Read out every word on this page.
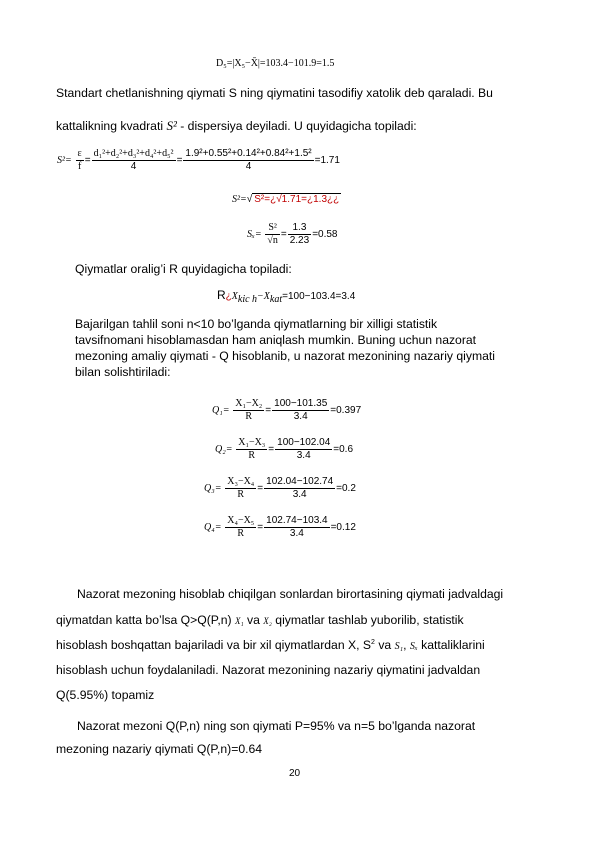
D₅=|X₅−X̄|=103.4−101.9=1.5
Standart chetlanishning qiymati S ning qiymatini tasodifiy xatolik deb qaraladi. Bu
kattalikning kvadrati S² - dispersiya deyiladi. U quyidagicha topiladi:
$S^2= \frac{\varepsilon}{f} = \frac{\text{d₁²+d₂²+d₃²+d₄²+d₅²}}{4} = \frac{\text{1.9²+0.55²+0.14²+0.84²+1.5²}}{4} =1.71$
S²=√ S²=¿√1.71=¿1.3¿¿
$S_x= \frac{\text{S²}}{√n} = \frac{1.3}{2.23} =0.58$
Qiymatlar oralig’i R quyidagicha topiladi:
$R¿X_{kic h}-X_{kat}=100-103.4=3.4$
Bajarilgan tahlil soni n<10 bo’lganda qiymatlarning bir xilligi statistik
tavsifnomani hisoblamasdan ham aniqlash mumkin. Buning uchun nazorat
mezoning amaliy qiymati - Q hisoblanib, u nazorat mezonining nazariy qiymati
bilan solishtiriladi:
$Q_1= \frac{\text{X₁−X₂}}{R} = \frac{100-101.35}{3.4} =0.397$
$Q_2= \frac{\text{X₁−X₃}}{R} = \frac{100-102.04}{3.4} =0.6$
$Q_3= \frac{\text{X₃−X₄}}{R} = \frac{102.04-102.74}{3.4} =0.2$
$Q_4= \frac{\text{X₄−X₅}}{R} = \frac{102.74-103.4}{3.4} =0.12$
Nazorat mezoning hisoblab chiqilgan sonlardan birortasining qiymati jadvaldagi
qiymatdan katta bo’lsa Q>Q(P,n) X₁ va X₂ qiymatlar tashlab yuborilib, statistik
hisoblash boshqattan bajariladi va bir xil qiymatlardan X, $S^2$ va S₁, Sₓ kattaliklarini
hisoblash uchun foydalaniladi. Nazorat mezonining nazariy qiymatini jadvaldan
Q(5.95%) topamiz
Nazorat mezoni Q(P,n) ning son qiymati P=95% va n=5 bo’lganda nazorat
mezoning nazariy qiymati Q(P,n)=0.64
20
